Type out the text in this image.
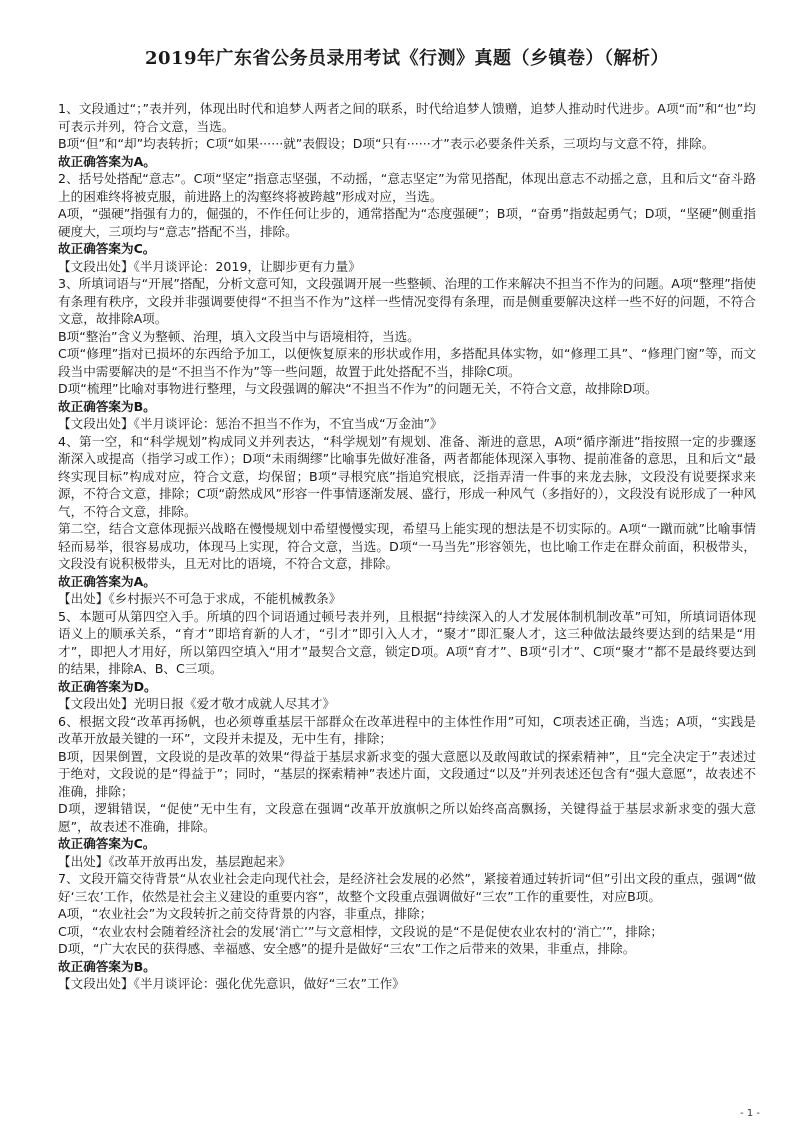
2019年广东省公务员录用考试《行测》真题（乡镇卷）（解析）

1、文段通过“；”表并列，体现出时代和追梦人两者之间的联系，时代给追梦人馈赠，追梦人推动时代进步。A项“而”和“也”均可表示并列，符合文意，当选。

B项“但”和“却”均表转折；C项“如果······就”表假设；D项“只有······才”表示必要条件关系，三项均与文意不符，排除。

故正确答案为A。

2、括号处搭配“意志”。C项“坚定”指意志坚强，不动摇，“意志坚定”为常见搭配，体现出意志不动摇之意，且和后文“奋斗路上的困难终将被克服，前进路上的沟壑终将被跨越”形成对应，当选。

A项，“强硬”指强有力的，倔强的，不作任何让步的，通常搭配为“态度强硬”；B项，“奋勇”指鼓起勇气；D项，“坚硬”侧重指硬度大，三项均与“意志”搭配不当，排除。

故正确答案为C。

【文段出处】《半月谈评论：2019，让脚步更有力量》

3、所填词语与“开展”搭配，分析文意可知，文段强调开展一些整顿、治理的工作来解决不担当不作为的问题。A项“整理”指使有条理有秩序，文段并非强调要使得“不担当不作为”这样一些情况变得有条理，而是侧重要解决这样一些不好的问题，不符合文意，故排除A项。

B项“整治”含义为整顿、治理，填入文段当中与语境相符，当选。

C项“修理”指对已损坏的东西给予加工，以便恢复原来的形状或作用，多搭配具体实物，如“修理工具”、“修理门窗”等，而文段当中需要解决的是“不担当不作为”等一些问题，故置于此处搭配不当，排除C项。

D项“梳理”比喻对事物进行整理，与文段强调的解决“不担当不作为”的问题无关，不符合文意，故排除D项。

故正确答案为B。

【文段出处】《半月谈评论：惩治不担当不作为，不宜当成“万金油”》

4、第一空，和“科学规划”构成同义并列表达，“科学规划”有规划、准备、渐进的意思，A项“循序渐进”指按照一定的步骤逐渐深入或提高（指学习或工作）；D项“未雨绸缪”比喻事先做好准备，两者都能体现深入事物、提前准备的意思，且和后文“最终实现目标”构成对应，符合文意，均保留；B项“寻根究底”指追究根底，泛指弄清一件事的来龙去脉，文段没有说要探求来源，不符合文意，排除；C项“蔚然成风”形容一件事情逐渐发展、盛行，形成一种风气（多指好的），文段没有说形成了一种风气，不符合文意，排除。

第二空，结合文意体现振兴战略在慢慢规划中希望慢慢实现，希望马上能实现的想法是不切实际的。A项“一蹴而就”比喻事情轻而易举，很容易成功，体现马上实现，符合文意，当选。D项“一马当先”形容领先，也比喻工作走在群众前面，积极带头，文段没有说积极带头，且无对比的语境，不符合文意，排除。

故正确答案为A。

【出处】《乡村振兴不可急于求成，不能机械教条》

5、本题可从第四空入手。所填的四个词语通过顿号表并列，且根据“持续深入的人才发展体制机制改革”可知，所填词语体现语义上的顺承关系，“育才”即培育新的人才，“引才”即引入人才，“聚才”即汇聚人才，这三种做法最终要达到的结果是“用才”，即把人才用好，所以第四空填入“用才”最契合文意，锁定D项。A项“育才”、B项“引才”、C项“聚才”都不是最终要达到的结果，排除A、B、C三项。

故正确答案为D。

【文段出处】光明日报《爱才敬才成就人尽其才》

6、根据文段“改革再扬帆，也必须尊重基层干部群众在改革进程中的主体性作用”可知，C项表述正确，当选；A项，“实践是改革开放最关键的一环”，文段并未提及，无中生有，排除；

B项，因果倒置，文段说的是改革的效果“得益于基层求新求变的强大意愿以及敢闯敢试的探索精神”，且“完全决定于”表述过于绝对，文段说的是“得益于”；同时，“基层的探索精神”表述片面，文段通过“以及”并列表述还包含有“强大意愿”，故表述不准确，排除；

D项，逻辑错误，“促使”无中生有，文段意在强调“改革开放旗帜之所以始终高高飘扬，关键得益于基层求新求变的强大意愿”，故表述不准确，排除。

故正确答案为C。

【出处】《改革开放再出发，基层跑起来》

7、文段开篇交待背景“从农业社会走向现代社会，是经济社会发展的必然”，紧接着通过转折词“但”引出文段的重点，强调“做好‘三农’工作，依然是社会主义建设的重要内容”，故整个文段重点强调做好“三农”工作的重要性，对应B项。

A项，“农业社会”为文段转折之前交待背景的内容，非重点，排除；

C项，“农业农村会随着经济社会的发展‘消亡’”与文意相悖，文段说的是“不是促使农业农村的‘消亡’”，排除；

D项，“广大农民的获得感、幸福感、安全感”的提升是做好“三农”工作之后带来的效果，非重点，排除。

故正确答案为B。

【文段出处】《半月谈评论：强化优先意识，做好“三农”工作》

- 1 -
